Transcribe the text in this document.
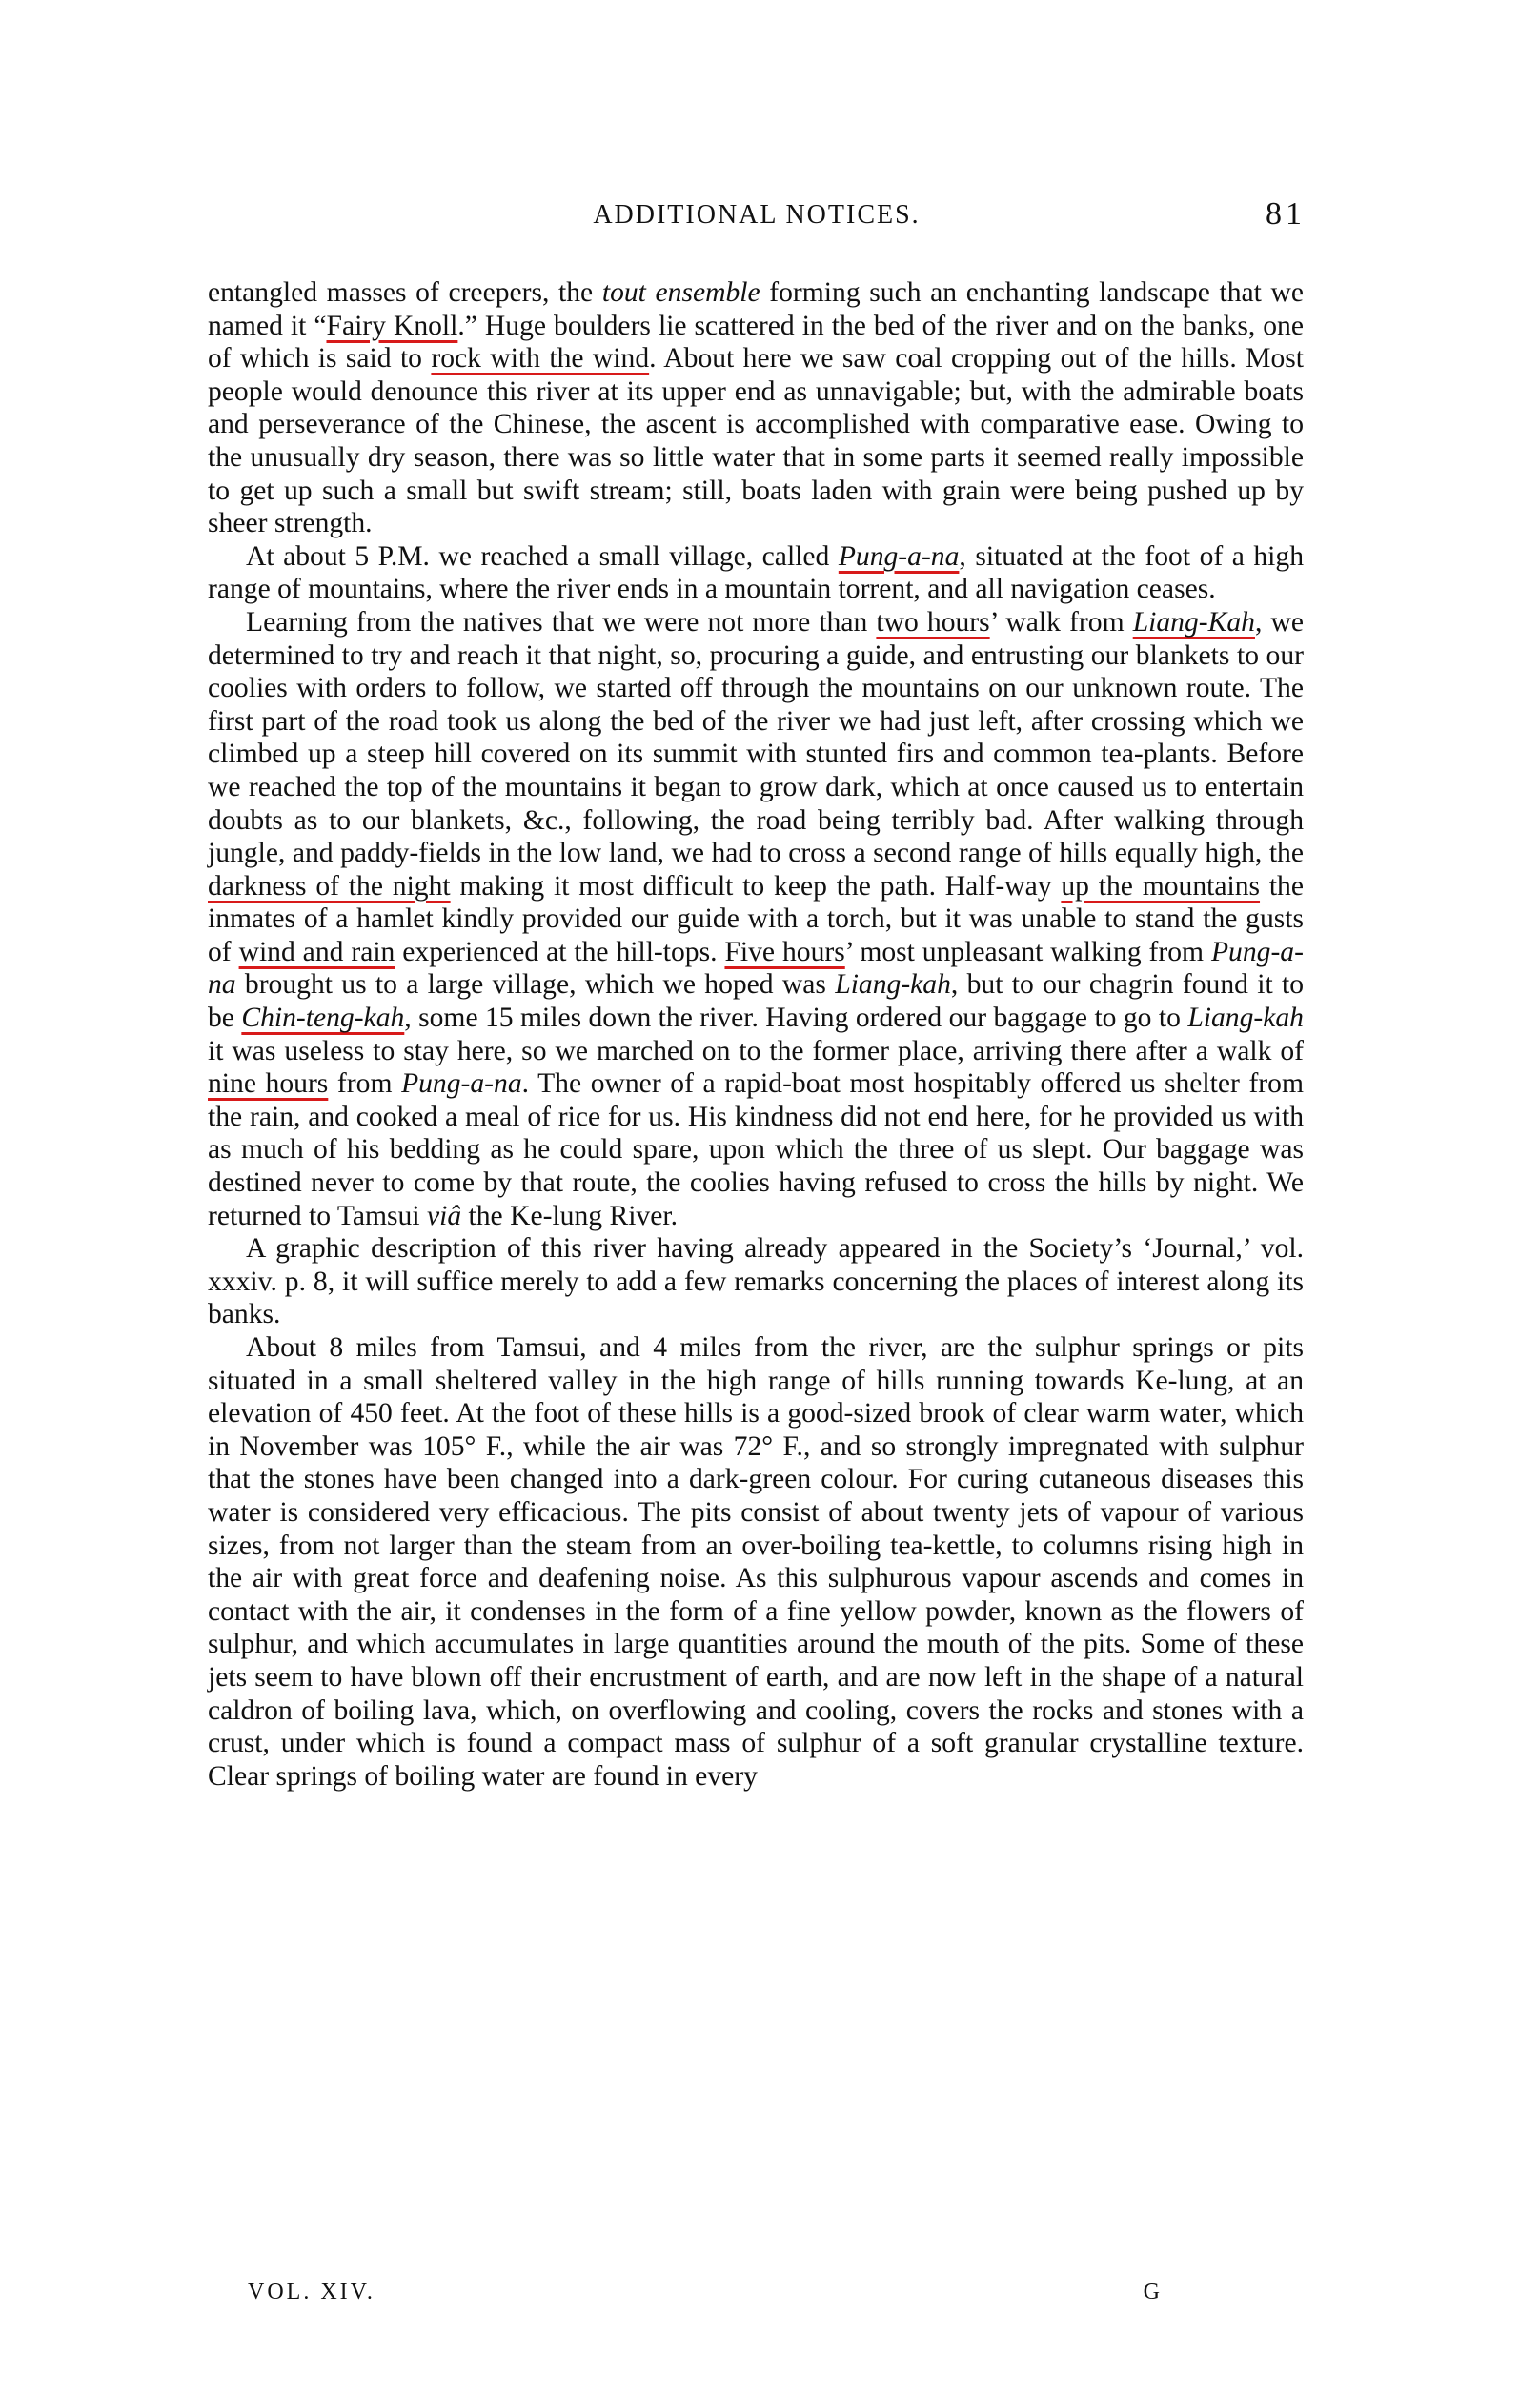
ADDITIONAL NOTICES.	81

entangled masses of creepers, the tout ensemble forming such an enchanting landscape that we named it “Fairy Knoll.” Huge boulders lie scattered in the bed of the river and on the banks, one of which is said to rock with the wind. About here we saw coal cropping out of the hills. Most people would denounce this river at its upper end as unnavigable; but, with the admirable boats and perseverance of the Chinese, the ascent is accomplished with comparative ease. Owing to the unusually dry season, there was so little water that in some parts it seemed really impossible to get up such a small but swift stream; still, boats laden with grain were being pushed up by sheer strength.

At about 5 P.M. we reached a small village, called Pung-a-na, situated at the foot of a high range of mountains, where the river ends in a mountain torrent, and all navigation ceases.

Learning from the natives that we were not more than two hours’ walk from Liang-Kah, we determined to try and reach it that night, so, procuring a guide, and entrusting our blankets to our coolies with orders to follow, we started off through the mountains on our unknown route. The first part of the road took us along the bed of the river we had just left, after crossing which we climbed up a steep hill covered on its summit with stunted firs and common tea-plants. Before we reached the top of the mountains it began to grow dark, which at once caused us to entertain doubts as to our blankets, &c., following, the road being terribly bad. After walking through jungle, and paddy-fields in the low land, we had to cross a second range of hills equally high, the darkness of the night making it most difficult to keep the path. Half-way up the mountains the inmates of a hamlet kindly provided our guide with a torch, but it was unable to stand the gusts of wind and rain experienced at the hill-tops. Five hours’ most unpleasant walking from Pung-a-na brought us to a large village, which we hoped was Liang-kah, but to our chagrin found it to be Chin-teng-kah, some 15 miles down the river. Having ordered our baggage to go to Liang-kah it was useless to stay here, so we marched on to the former place, arriving there after a walk of nine hours from Pung-a-na. The owner of a rapid-boat most hospitably offered us shelter from the rain, and cooked a meal of rice for us. His kindness did not end here, for he provided us with as much of his bedding as he could spare, upon which the three of us slept. Our baggage was destined never to come by that route, the coolies having refused to cross the hills by night. We returned to Tamsui viâ the Ke-lung River.

A graphic description of this river having already appeared in the Society’s ‘Journal,’ vol. xxxiv. p. 8, it will suffice merely to add a few remarks concerning the places of interest along its banks.

About 8 miles from Tamsui, and 4 miles from the river, are the sulphur springs or pits situated in a small sheltered valley in the high range of hills running towards Ke-lung, at an elevation of 450 feet. At the foot of these hills is a good-sized brook of clear warm water, which in November was 105° F., while the air was 72° F., and so strongly impregnated with sulphur that the stones have been changed into a dark-green colour. For curing cutaneous diseases this water is considered very efficacious. The pits consist of about twenty jets of vapour of various sizes, from not larger than the steam from an over-boiling tea-kettle, to columns rising high in the air with great force and deafening noise. As this sulphurous vapour ascends and comes in contact with the air, it condenses in the form of a fine yellow powder, known as the flowers of sulphur, and which accumulates in large quantities around the mouth of the pits. Some of these jets seem to have blown off their encrustment of earth, and are now left in the shape of a natural caldron of boiling lava, which, on overflowing and cooling, covers the rocks and stones with a crust, under which is found a compact mass of sulphur of a soft granular crystalline texture. Clear springs of boiling water are found in every

VOL. XIV.	G
